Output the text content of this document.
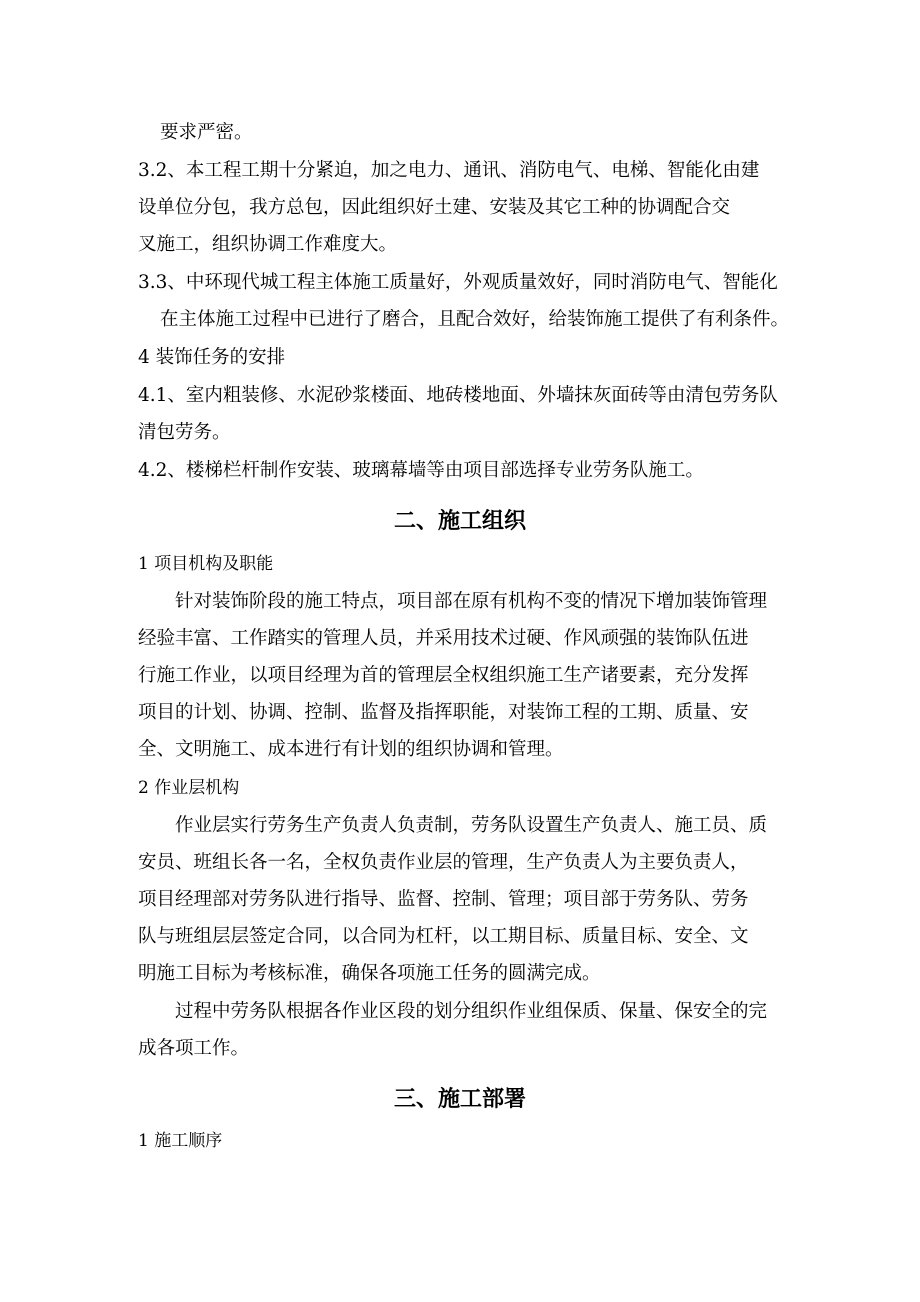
要求严密。

3.2、本工程工期十分紧迫，加之电力、通讯、消防电气、电梯、智能化由建

设单位分包，我方总包，因此组织好土建、安装及其它工种的协调配合交

叉施工，组织协调工作难度大。

3.3、中环现代城工程主体施工质量好，外观质量效好，同时消防电气、智能化

在主体施工过程中已进行了磨合，且配合效好，给装饰施工提供了有利条件。

4 装饰任务的安排

4.1、室内粗装修、水泥砂浆楼面、地砖楼地面、外墙抹灰面砖等由清包劳务队

清包劳务。

4.2、楼梯栏杆制作安装、玻璃幕墙等由项目部选择专业劳务队施工。

二、施工组织

1 项目机构及职能

针对装饰阶段的施工特点，项目部在原有机构不变的情况下增加装饰管理

经验丰富、工作踏实的管理人员，并采用技术过硬、作风顽强的装饰队伍进

行施工作业，以项目经理为首的管理层全权组织施工生产诸要素，充分发挥

项目的计划、协调、控制、监督及指挥职能，对装饰工程的工期、质量、安

全、文明施工、成本进行有计划的组织协调和管理。

2 作业层机构

作业层实行劳务生产负责人负责制，劳务队设置生产负责人、施工员、质

安员、班组长各一名，全权负责作业层的管理，生产负责人为主要负责人，

项目经理部对劳务队进行指导、监督、控制、管理；项目部于劳务队、劳务

队与班组层层签定合同，以合同为杠杆，以工期目标、质量目标、安全、文

明施工目标为考核标准，确保各项施工任务的圆满完成。

过程中劳务队根据各作业区段的划分组织作业组保质、保量、保安全的完

成各项工作。

三、施工部署

1 施工顺序
